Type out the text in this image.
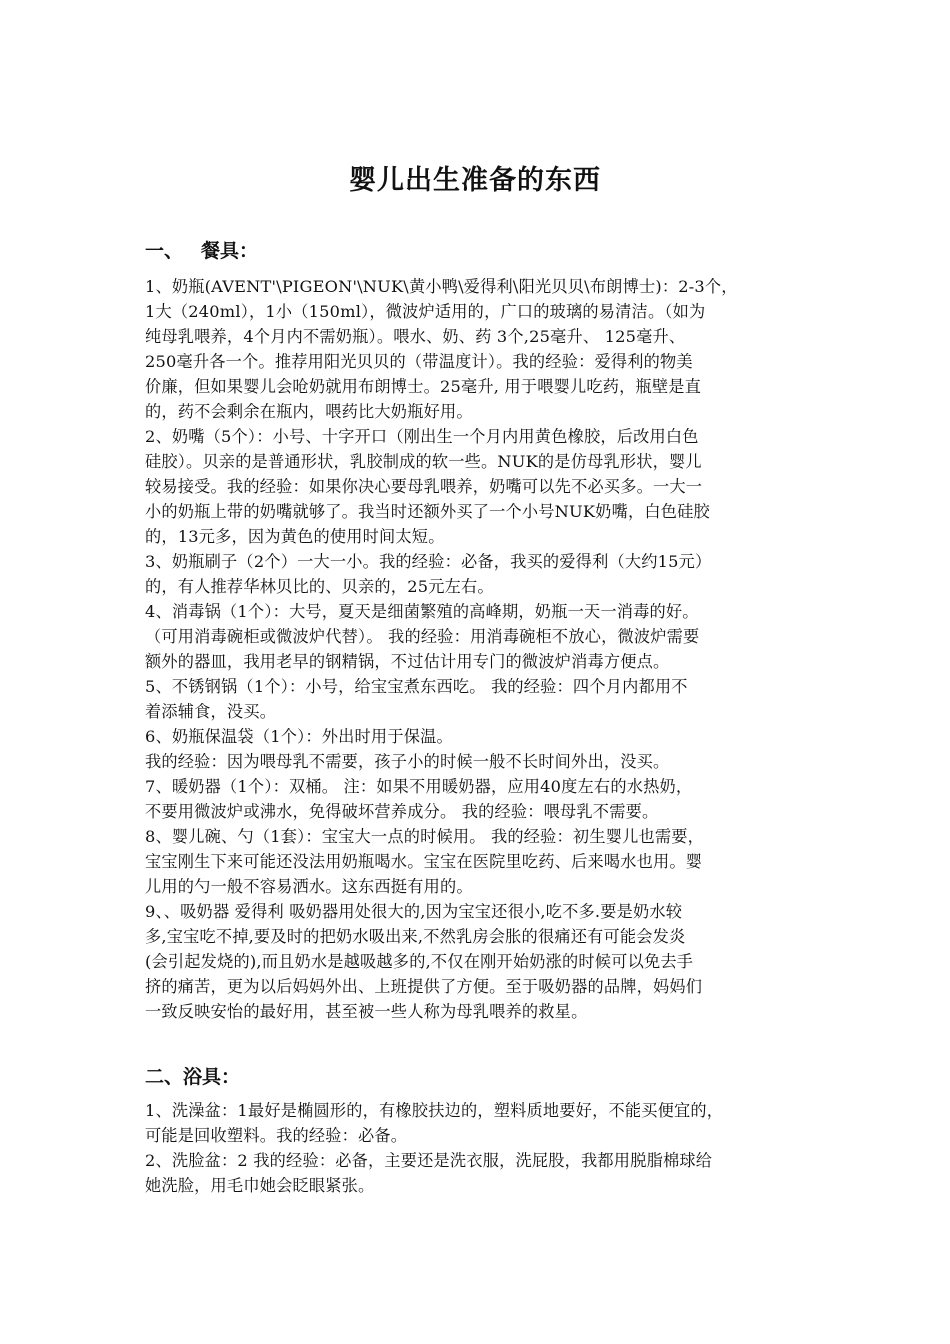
婴儿出生准备的东西
一、 餐具：
1、奶瓶(AVENT'\PIGEON'\NUK\黄小鸭\爱得利\阳光贝贝\布朗博士)：2-3个，
1大（240ml），1小（150ml），微波炉适用的，广口的玻璃的易清洁。（如为
纯母乳喂养，4个月内不需奶瓶）。喂水、奶、药 3个,25毫升、 125毫升、
250毫升各一个。推荐用阳光贝贝的（带温度计）。我的经验：爱得利的物美
价廉，但如果婴儿会呛奶就用布朗博士。25毫升, 用于喂婴儿吃药，瓶壁是直
的，药不会剩余在瓶内，喂药比大奶瓶好用。
2、奶嘴（5个）：小号、十字开口（刚出生一个月内用黄色橡胶，后改用白色
硅胶）。贝亲的是普通形状，乳胶制成的软一些。NUK的是仿母乳形状，婴儿
较易接受。我的经验：如果你决心要母乳喂养，奶嘴可以先不必买多。一大一
小的奶瓶上带的奶嘴就够了。我当时还额外买了一个小号NUK奶嘴，白色硅胶
的，13元多，因为黄色的使用时间太短。
3、奶瓶刷子（2个）一大一小。我的经验：必备，我买的爱得利（大约15元）
的，有人推荐华林贝比的、贝亲的，25元左右。
4、消毒锅（1个）：大号，夏天是细菌繁殖的高峰期，奶瓶一天一消毒的好。
（可用消毒碗柜或微波炉代替）。 我的经验：用消毒碗柜不放心，微波炉需要
额外的器皿，我用老早的钢精锅，不过估计用专门的微波炉消毒方便点。
5、不锈钢锅（1个）：小号，给宝宝煮东西吃。 我的经验：四个月内都用不
着添辅食，没买。
6、奶瓶保温袋（1个）：外出时用于保温。
我的经验：因为喂母乳不需要，孩子小的时候一般不长时间外出，没买。
7、暖奶器（1个）：双桶。 注：如果不用暖奶器，应用40度左右的水热奶，
不要用微波炉或沸水，免得破坏营养成分。 我的经验：喂母乳不需要。
8、婴儿碗、勺（1套）：宝宝大一点的时候用。 我的经验：初生婴儿也需要，
宝宝刚生下来可能还没法用奶瓶喝水。宝宝在医院里吃药、后来喝水也用。婴
儿用的勺一般不容易洒水。这东西挺有用的。
9、、吸奶器 爱得利 吸奶器用处很大的,因为宝宝还很小,吃不多.要是奶水较
多,宝宝吃不掉,要及时的把奶水吸出来,不然乳房会胀的很痛还有可能会发炎
(会引起发烧的),而且奶水是越吸越多的,不仅在刚开始奶涨的时候可以免去手
挤的痛苦，更为以后妈妈外出、上班提供了方便。至于吸奶器的品牌，妈妈们
一致反映安怡的最好用，甚至被一些人称为母乳喂养的救星。
二、浴具：
1、洗澡盆：1最好是椭圆形的，有橡胶扶边的，塑料质地要好，不能买便宜的，
可能是回收塑料。我的经验：必备。
2、洗脸盆：2 我的经验：必备，主要还是洗衣服，洗屁股，我都用脱脂棉球给
她洗脸，用毛巾她会眨眼紧张。
